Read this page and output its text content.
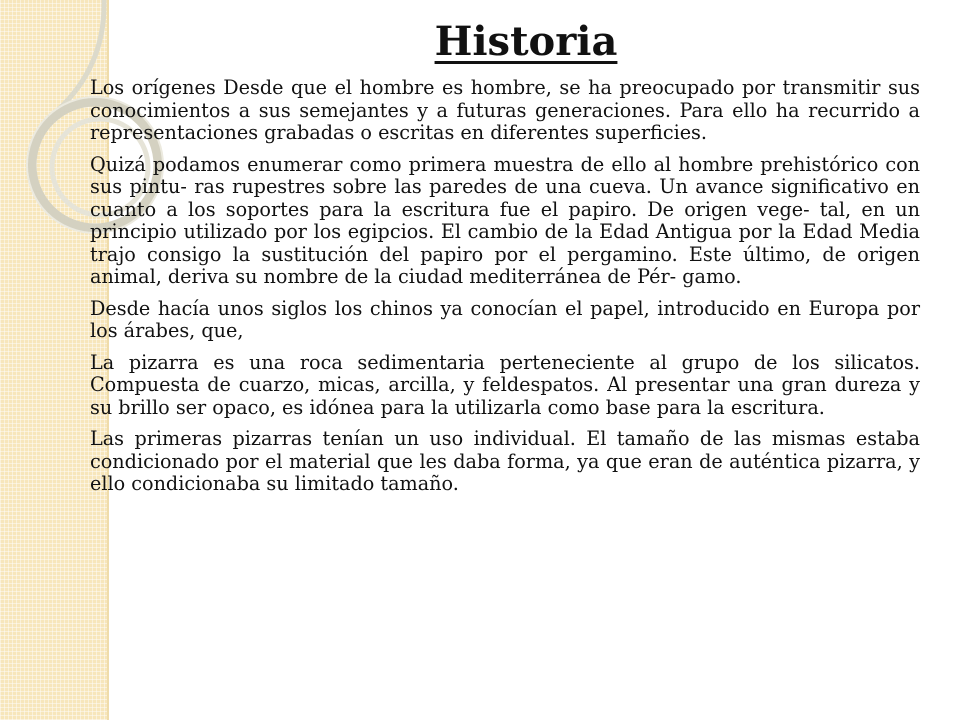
Historia

Los orígenes Desde que el hombre es hombre, se ha preocupado por transmitir sus conocimientos a sus semejantes y a futuras generaciones. Para ello ha recurrido a representaciones grabadas o escritas en diferentes superficies.

Quizá podamos enumerar como primera muestra de ello al hombre prehistórico con sus pintu- ras rupestres sobre las paredes de una cueva. Un avance significativo en cuanto a los soportes para la escritura fue el papiro. De origen vege- tal, en un principio utilizado por los egipcios. El cambio de la Edad Antigua por la Edad Media trajo consigo la sustitución del papiro por el pergamino. Este último, de origen animal, deriva su nombre de la ciudad mediterránea de Pér- gamo.

Desde hacía unos siglos los chinos ya conocían el papel, introducido en Europa por los árabes, que,

La pizarra es una roca sedimentaria perteneciente al grupo de los silicatos. Compuesta de cuarzo, micas, arcilla, y feldespatos. Al presentar una gran dureza y su brillo ser opaco, es idónea para la utilizarla como base para la escritura.

Las primeras pizarras tenían un uso individual. El tamaño de las mismas estaba condicionado por el material que les daba forma, ya que eran de auténtica pizarra, y ello condicionaba su limitado tamaño.
